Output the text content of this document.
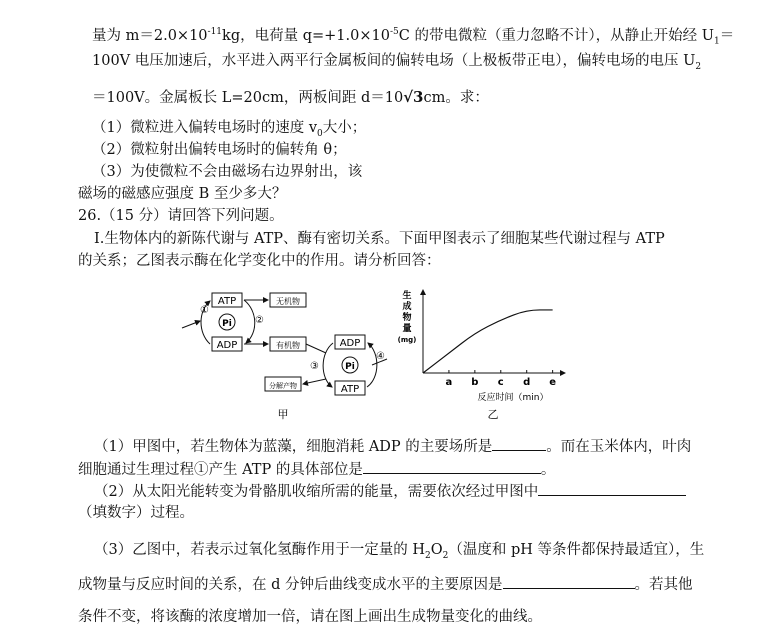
量为 $m=2.0\times 10^{-11}kg$，电荷量 $q=+1.0\times 10^{-5}C$ 的带电微粒（重力忽略不计），从静止开始经 $U_1=$
100V 电压加速后，水平进入两平行金属板间的偏转电场（上极板带正电），偏转电场的电压 $U_2$
＝100V。金属板长 L=20cm，两板间距 d＝10√3cm。求：
（1）微粒进入偏转电场时的速度 $v_0$大小；
（2）微粒射出偏转电场时的偏转角 θ；
（3）为使微粒不会由磁场右边界射出，该
磁场的磁感应强度 B 至少多大？
26.（15 分）请回答下列问题。
Ⅰ.生物体内的新陈代谢与 ATP、酶有密切关系。下面甲图表示了细胞某些代谢过程与 ATP
的关系；乙图表示酶在化学变化中的作用。请分析回答：
ATP
ADP
Pi
①
②
无机物
有机物
分解产物
ADP
ATP
Pi
③
④
甲
生
成
物
量
(mg)
a b c d e
反应时间（min）
乙
（1）甲图中，若生物体为蓝藻，细胞消耗 ADP 的主要场所是	。而在玉米体内，叶肉
细胞通过生理过程①产生 ATP 的具体部位是	。
（2）从太阳光能转变为骨骼肌收缩所需的能量，需要依次经过甲图中
（填数字）过程。
（3）乙图中，若表示过氧化氢酶作用于一定量的 $H_2O_2$（温度和 pH 等条件都保持最适宜），生
成物量与反应时间的关系，在 d 分钟后曲线变成水平的主要原因是	。若其他
条件不变，将该酶的浓度增加一倍，请在图上画出生成物量变化的曲线。
